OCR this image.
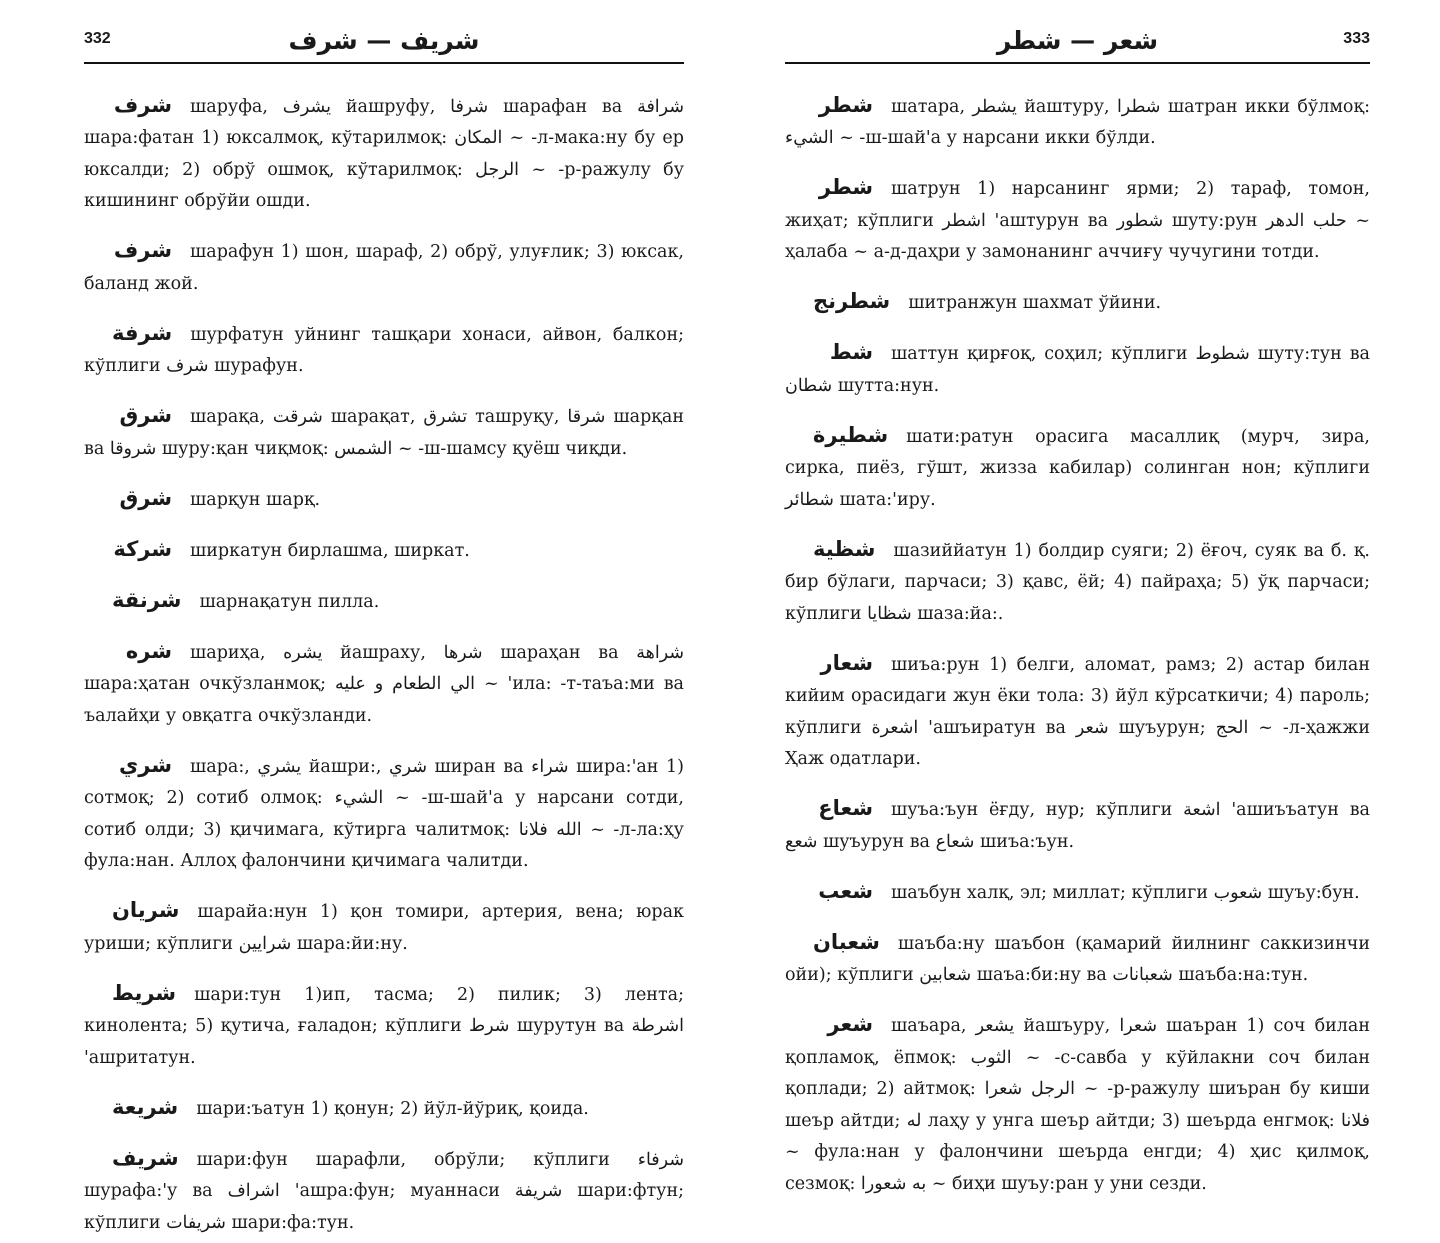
332	شريف — شرف

شرف шаруфа, يشرف йашруфу, شرفا шарафан ва شرافة шара:фатан 1) юксалмоқ, кўтарилмоқ: المكان ~ -л-мака:ну бу ер юксалди; 2) обрў ошмоқ, кўтарилмоқ: الرجل ~ -р-ражулу бу кишининг обрўйи ошди.

شرف шарафун 1) шон, шараф, 2) обрў, улуғлик; 3) юксак, баланд жой.

شرفة шурфатун уйнинг ташқари хонаси, айвон, балкон; кўплиги شرف шурафун.

شرق шарақа, شرقت шарақат, تشرق ташруқу, شرقا шарқан ва شروقا шуру:қан чиқмоқ: الشمس ~ -ш-шамсу қуёш чиқди.

شرق шарқун шарқ.

شركة ширкатун бирлашма, ширкат.

شرنقة шарнақатун пилла.

شره шариҳа, يشره йашраху, شرها шараҳан ва شراهة шара:ҳатан очкўзланмоқ; الي الطعام و عليه ~ 'ила: -т-таъа:ми ва ъалайҳи у овқатга очкўзланди.

شري шара:, يشري йашри:, شري ширан ва شراء шира:'ан 1) сотмоқ; 2) сотиб олмоқ: الشيء ~ -ш-шай'а у нарсани сотди, сотиб олди; 3) қичимага, кўтирга чалитмоқ: الله فلانا ~ -л-ла:ҳу фула:нан. Аллоҳ фалончини қичимага чалитди.

شريان шарайа:нун 1) қон томири, артерия, вена; юрак уриши; кўплиги شرايين шара:йи:ну.

شريط шари:тун 1)ип, тасма; 2) пилик; 3) лента; кинолента; 5) қутича, ғаладон; кўплиги شرط шурутун ва اشرطة 'ашритатун.

شريعة шари:ъатун 1) қонун; 2) йўл-йўриқ, қоида.

شريف шари:фун шарафли, обрўли; кўплиги شرفاء шурафа:'у ва اشراف 'ашра:фун; муаннаси شريفة шари:фтун; кўплиги شريفات шари:фа:тун.

333
شعر — شطر

شطر шатара, يشطر йаштуру, شطرا шатран икки бўлмоқ: الشيء ~ -ш-шай'а у нарсани икки бўлди.

شطر шатрун 1) нарсанинг ярми; 2) тараф, томон, жиҳат; кўплиги اشطر 'аштурун ва شطور шуту:рун حلب الدهر ~ ҳалаба ~ а-д-даҳри у замонанинг аччиғу чучугини тотди.

شطرنج шитранжун шахмат ўйини.

شط шаттун қирғоқ, соҳил; кўплиги شطوط шуту:тун ва شطان шутта:нун.

شطيرة шати:ратун орасига масаллиқ (мурч, зира, сирка, пиёз, гўшт, жизза кабилар) солинган нон; кўплиги شطائر шата:'иру.

شظية шазиййатун 1) болдир суяги; 2) ёғоч, суяк ва б. қ. бир бўлаги, парчаси; 3) қавс, ёй; 4) пайраҳа; 5) ўқ парчаси; кўплиги شظايا шаза:йа:.

شعار шиъа:рун 1) белги, аломат, рамз; 2) астар билан кийим орасидаги жун ёки тола: 3) йўл кўрсаткичи; 4) пароль; кўплиги اشعرة 'ашъиратун ва شعر шуъурун; الحج ~ -л-ҳажжи Ҳаж одатлари.

شعاع шуъа:ъун ёғду, нур; кўплиги اشعة 'ашиъъатун ва شعع шуъурун ва شعاع шиъа:ъун.

شعب шаъбун халқ, эл; миллат; кўплиги شعوب шуъу:бун.

شعبان шаъба:ну шаъбон (қамарий йилнинг саккизинчи ойи); кўплиги شعابين шаъа:би:ну ва شعبانات шаъба:на:тун.

شعر шаъара, يشعر йашъуру, شعرا шаъран 1) соч билан қопламоқ, ёпмоқ: الثوب ~ -с-савба у кўйлакни соч билан қоплади; 2) айтмоқ: الرجل شعرا ~ -р-ражулу шиъран бу киши шеър айтди; له лаҳу у унга шеър айтди; 3) шеърда енгмоқ: فلانا ~ фула:нан у фалончини шеърда енгди; 4) ҳис қилмоқ, сезмоқ: به شعورا ~ биҳи шуъу:ран у уни сезди.
